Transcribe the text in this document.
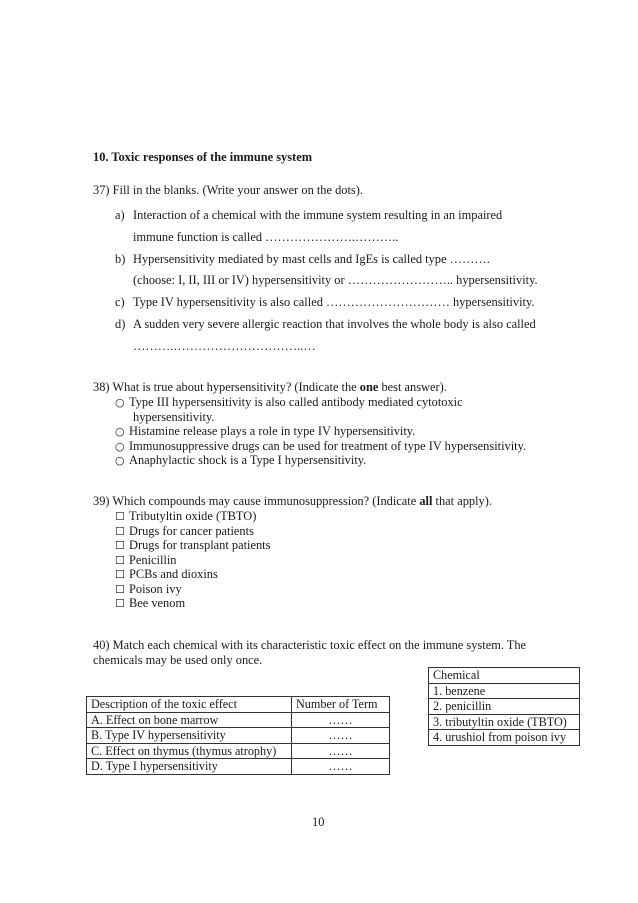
10. Toxic responses of the immune system
37) Fill in the blanks. (Write your answer on the dots).
a) Interaction of a chemical with the immune system resulting in an impaired
immune function is called ………………….………..
b) Hypersensitivity mediated by mast cells and IgEs is called type ……….
(choose: I, II, III or IV) hypersensitivity or …………………….. hypersensitivity.
c) Type IV hypersensitivity is also called ………………………… hypersensitivity.
d) A sudden very severe allergic reaction that involves the whole body is also called
……….…………………………..…
38) What is true about hypersensitivity? (Indicate the one best answer).
○ Type III hypersensitivity is also called antibody mediated cytotoxic
hypersensitivity.
○ Histamine release plays a role in type IV hypersensitivity.
○ Immunosuppressive drugs can be used for treatment of type IV hypersensitivity.
○ Anaphylactic shock is a Type I hypersensitivity.
39) Which compounds may cause immunosuppression? (Indicate all that apply).
☐ Tributyltin oxide (TBTO)
☐ Drugs for cancer patients
☐ Drugs for transplant patients
☐ Penicillin
☐ PCBs and dioxins
☐ Poison ivy
☐ Bee venom
40) Match each chemical with its characteristic toxic effect on the immune system. The
chemicals may be used only once.
Chemical
1. benzene
2. penicillin
3. tributyltin oxide (TBTO)
4. urushiol from poison ivy
Description of the toxic effect	Number of Term
A. Effect on bone marrow	……
B. Type IV hypersensitivity	……
C. Effect on thymus (thymus atrophy)	……
D. Type I hypersensitivity	……
10
